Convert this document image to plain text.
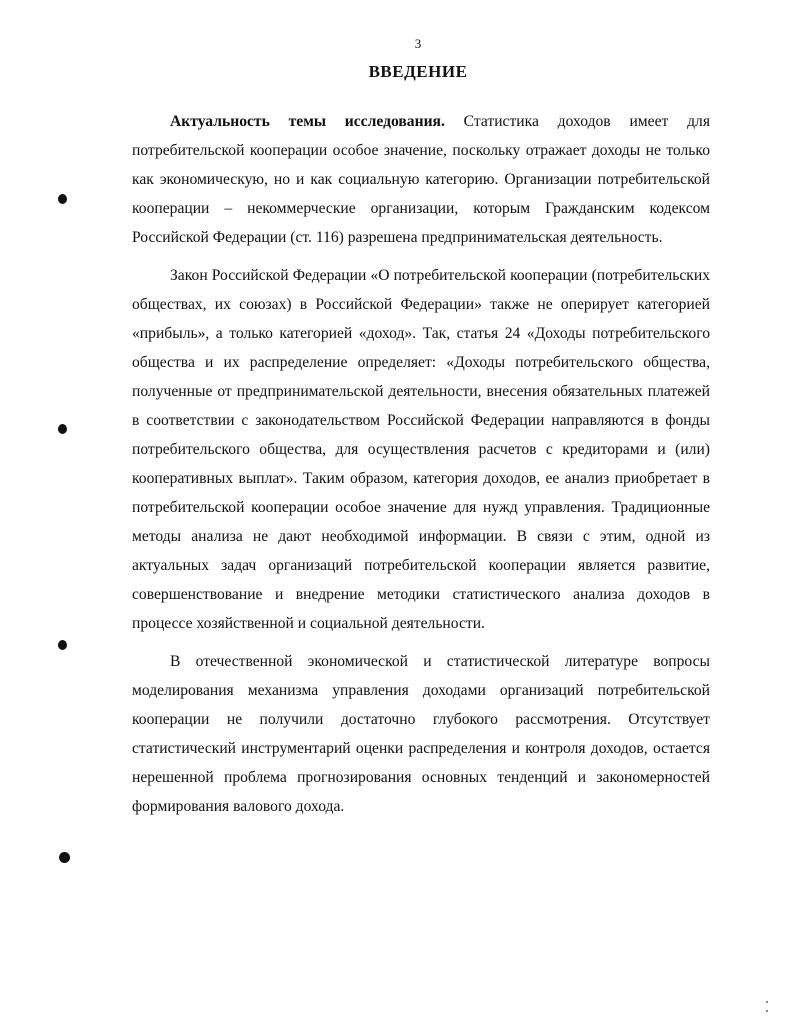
3
ВВЕДЕНИЕ

Актуальность темы исследования. Статистика доходов имеет для потребительской кооперации особое значение, поскольку отражает доходы не только как экономическую, но и как социальную категорию. Организации потребительской кооперации – некоммерческие организации, которым Гражданским кодексом Российской Федерации (ст. 116) разрешена предпринимательская деятельность.

Закон Российской Федерации «О потребительской кооперации (потребительских обществах, их союзах) в Российской Федерации» также не оперирует категорией «прибыль», а только категорией «доход». Так, статья 24 «Доходы потребительского общества и их распределение определяет: «Доходы потребительского общества, полученные от предпринимательской деятельности, внесения обязательных платежей в соответствии с законодательством Российской Федерации направляются в фонды потребительского общества, для осуществления расчетов с кредиторами и (или) кооперативных выплат». Таким образом, категория доходов, ее анализ приобретает в потребительской кооперации особое значение для нужд управления. Традиционные методы анализа не дают необходимой информации. В связи с этим, одной из актуальных задач организаций потребительской кооперации является развитие, совершенствование и внедрение методики статистического анализа доходов в процессе хозяйственной и социальной деятельности.

В отечественной экономической и статистической литературе вопросы моделирования механизма управления доходами организаций потребительской кооперации не получили достаточно глубокого рассмотрения. Отсутствует статистический инструментарий оценки распределения и контроля доходов, остается нерешенной проблема прогнозирования основных тенденций и закономерностей формирования валового дохода.
